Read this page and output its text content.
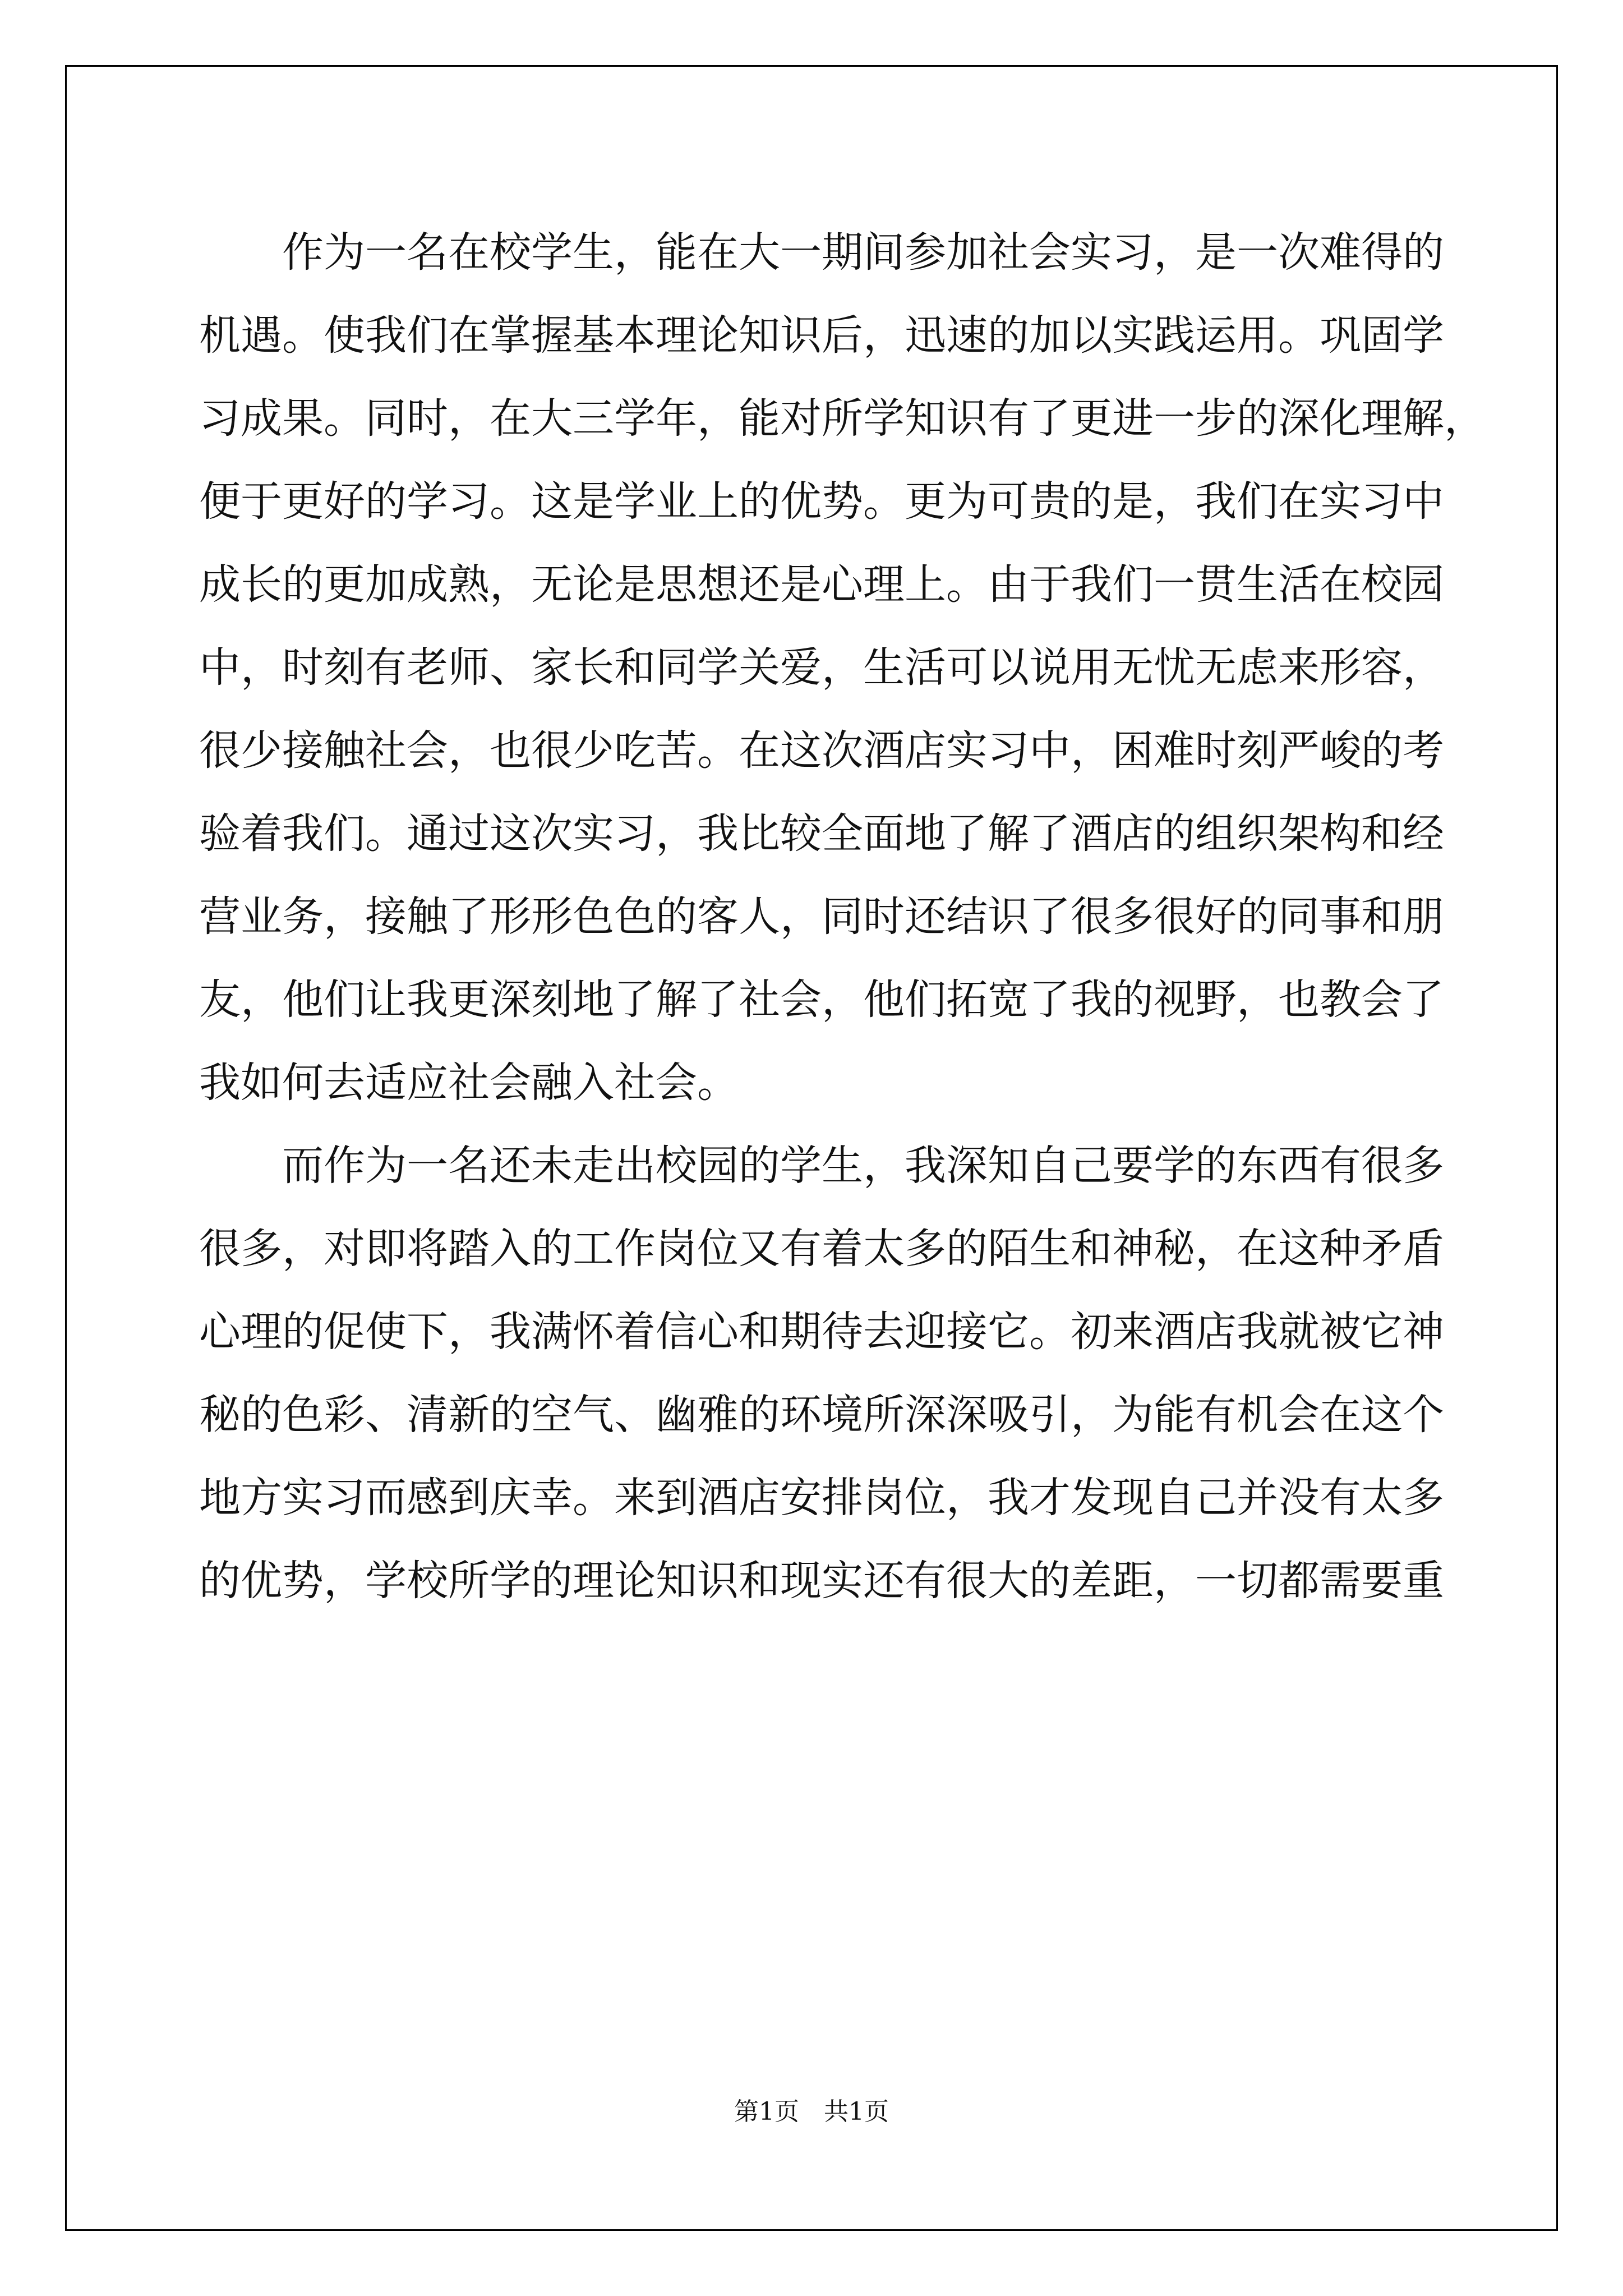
作为一名在校学生，能在大一期间参加社会实习，是一次难得的
机遇。使我们在掌握基本理论知识后，迅速的加以实践运用。巩固学
习成果。同时，在大三学年，能对所学知识有了更进一步的深化理解，
便于更好的学习。这是学业上的优势。更为可贵的是，我们在实习中
成长的更加成熟，无论是思想还是心理上。由于我们一贯生活在校园
中，时刻有老师、家长和同学关爱，生活可以说用无忧无虑来形容，
很少接触社会，也很少吃苦。在这次酒店实习中，困难时刻严峻的考
验着我们。通过这次实习，我比较全面地了解了酒店的组织架构和经
营业务，接触了形形色色的客人，同时还结识了很多很好的同事和朋
友，他们让我更深刻地了解了社会，他们拓宽了我的视野，也教会了
我如何去适应社会融入社会。
而作为一名还未走出校园的学生，我深知自己要学的东西有很多
很多，对即将踏入的工作岗位又有着太多的陌生和神秘，在这种矛盾
心理的促使下，我满怀着信心和期待去迎接它。初来酒店我就被它神
秘的色彩、清新的空气、幽雅的环境所深深吸引，为能有机会在这个
地方实习而感到庆幸。来到酒店安排岗位，我才发现自己并没有太多
的优势，学校所学的理论知识和现实还有很大的差距，一切都需要重
第1页　共1页
